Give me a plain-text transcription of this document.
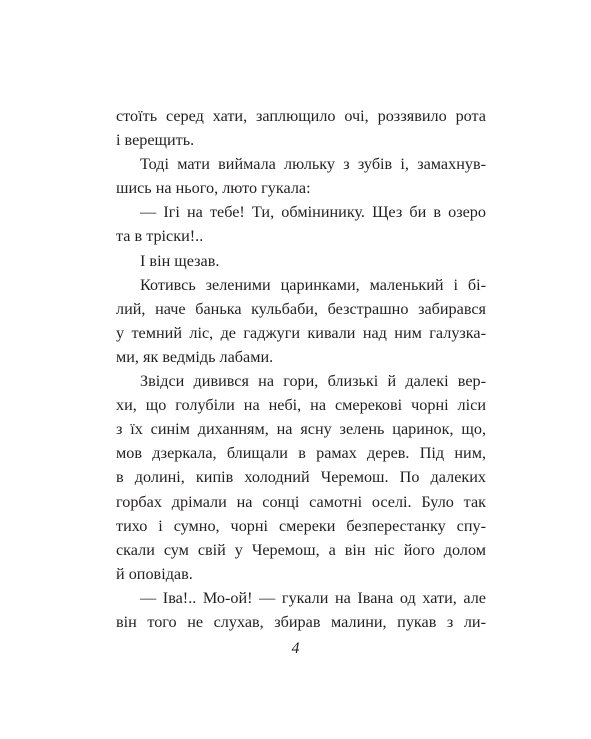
стоїть серед хати, заплющило очі, роззявило рота
і верещить.
Тоді мати виймала люльку з зубів і, замахнув-
шись на нього, люто гукала:
— Ігі на тебе! Ти, обмінинику. Щез би в озеро
та в тріски!..
І він щезав.
Котивсь зеленими царинками, маленький і бі-
лий, наче банька кульбаби, безстрашно забирався
у темний ліс, де гаджуги кивали над ним галузка-
ми, як ведмідь лабами.
Звідси дивився на гори, близькі й далекі вер-
хи, що голубіли на небі, на смерекові чорні ліси
з їх синім диханням, на ясну зелень царинок, що,
мов дзеркала, блищали в рамах дерев. Під ним,
в долині, кипів холодний Черемош. По далеких
горбах дрімали на сонці самотні оселі. Було так
тихо і сумно, чорні смереки безперестанку спу-
скали сум свій у Черемош, а він ніс його долом
й оповідав.
— Іва!.. Мо-ой! — гукали на Івана од хати, але
він того не слухав, збирав малини, пукав з ли-
4
